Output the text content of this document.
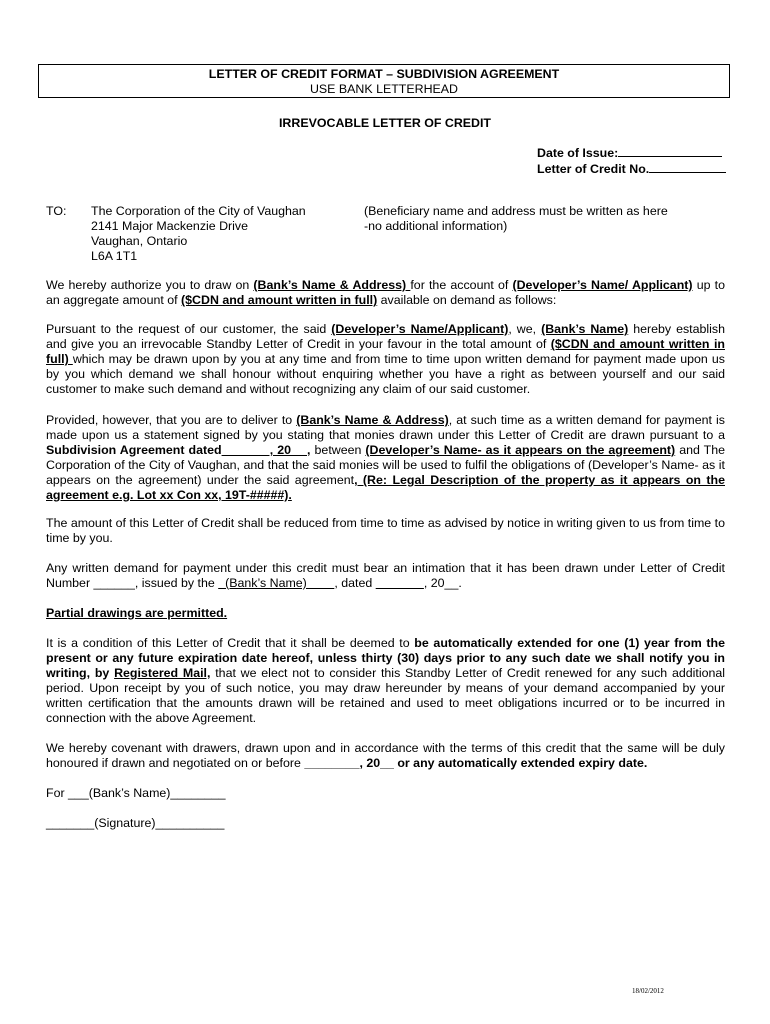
LETTER OF CREDIT FORMAT – SUBDIVISION AGREEMENT
USE BANK LETTERHEAD
IRREVOCABLE LETTER OF CREDIT
Date of Issue:
Letter of Credit No.
TO: The Corporation of the City of Vaughan
2141 Major Mackenzie Drive
Vaughan, Ontario
L6A 1T1
(Beneficiary name and address must be written as here
-no additional information)
We hereby authorize you to draw on (Bank’s Name & Address) for the account of (Developer’s Name/ Applicant) up to an aggregate amount of ($CDN and amount written in full) available on demand as follows:
Pursuant to the request of our customer, the said (Developer’s Name/Applicant), we, (Bank’s Name) hereby establish and give you an irrevocable Standby Letter of Credit in your favour in the total amount of ($CDN and amount written in full) which may be drawn upon by you at any time and from time to time upon written demand for payment made upon us by you which demand we shall honour without enquiring whether you have a right as between yourself and our said customer to make such demand and without recognizing any claim of our said customer.
Provided, however, that you are to deliver to (Bank’s Name & Address), at such time as a written demand for payment is made upon us a statement signed by you stating that monies drawn under this Letter of Credit are drawn pursuant to a Subdivision Agreement dated            , 20    , between (Developer’s Name- as it appears on the agreement) and The Corporation of the City of Vaughan, and that the said monies will be used to fulfil the obligations of (Developer’s Name- as it appears on the agreement) under the said agreement, (Re: Legal Description of the property as it appears on the agreement e.g. Lot xx Con xx, 19T-#####).
The amount of this Letter of Credit shall be reduced from time to time as advised by notice in writing given to us from time to time by you.
Any written demand for payment under this credit must bear an intimation that it has been drawn under Letter of Credit Number ______, issued by the   (Bank’s Name)        , dated	, 20__.
Partial drawings are permitted.
It is a condition of this Letter of Credit that it shall be deemed to be automatically extended for one (1) year from the present or any future expiration date hereof, unless thirty (30) days prior to any such date we shall notify you in writing, by Registered Mail, that we elect not to consider this Standby Letter of Credit renewed for any such additional period. Upon receipt by you of such notice, you may draw hereunder by means of your demand accompanied by your written certification that the amounts drawn will be retained and used to meet obligations incurred or to be incurred in connection with the above Agreement.
We hereby covenant with drawers, drawn upon and in accordance with the terms of this credit that the same will be duly honoured if drawn and negotiated on or before ________, 20__ or any automatically extended expiry date.
For ___(Bank’s Name)________
_______(Signature)__________
18/02/2012
